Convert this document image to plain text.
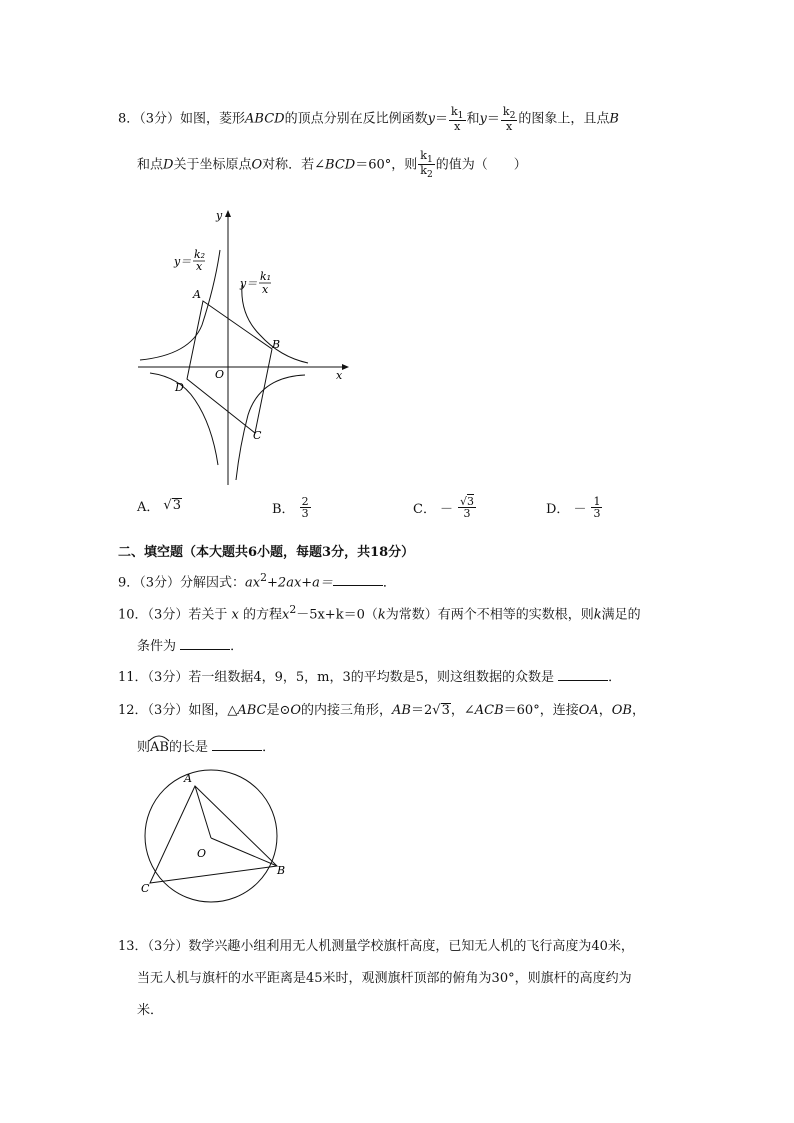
8．（3分）如图，菱形ABCD的顶点分别在反比例函数$y= \frac{k_1}{x}$ 和$y= \frac{k_2}{x}$ 的图象上，且点B
和点D关于坐标原点O对称．若∠BCD＝60°，则 $\frac{k_1}{k_2}$ 的值为（　　）
y
x
O
A
B
C
D
y＝
k₂
x
y＝
k₁
x
A． √ 3	B． $\frac{2}{3}$	C． － $\frac{√3}{3}$	D． － $\frac{1}{3}$
二、填空题（本大题共6小题，每题3分，共18分）
9．（3分）分解因式：$ax^2+2ax+a=$	．
10．（3分）若关于 x 的方程$x^2-5x+k=0(k$为常数）有两个不相等的实数根，则k满足的
条件为	．
11．（3分）若一组数据4，9，5，m，3的平均数是5，则这组数据的众数是	．
12．（3分）如图，△ABC是⊙O的内接三角形，AB＝2√ 3 ，∠ACB＝60°，连接OA，OB，
则
AB的长是	．
A
B
C
O
13．（3分）数学兴趣小组利用无人机测量学校旗杆高度，已知无人机的飞行高度为40米，
当无人机与旗杆的水平距离是45米时，观测旗杆顶部的俯角为30°，则旗杆的高度约为
米．
